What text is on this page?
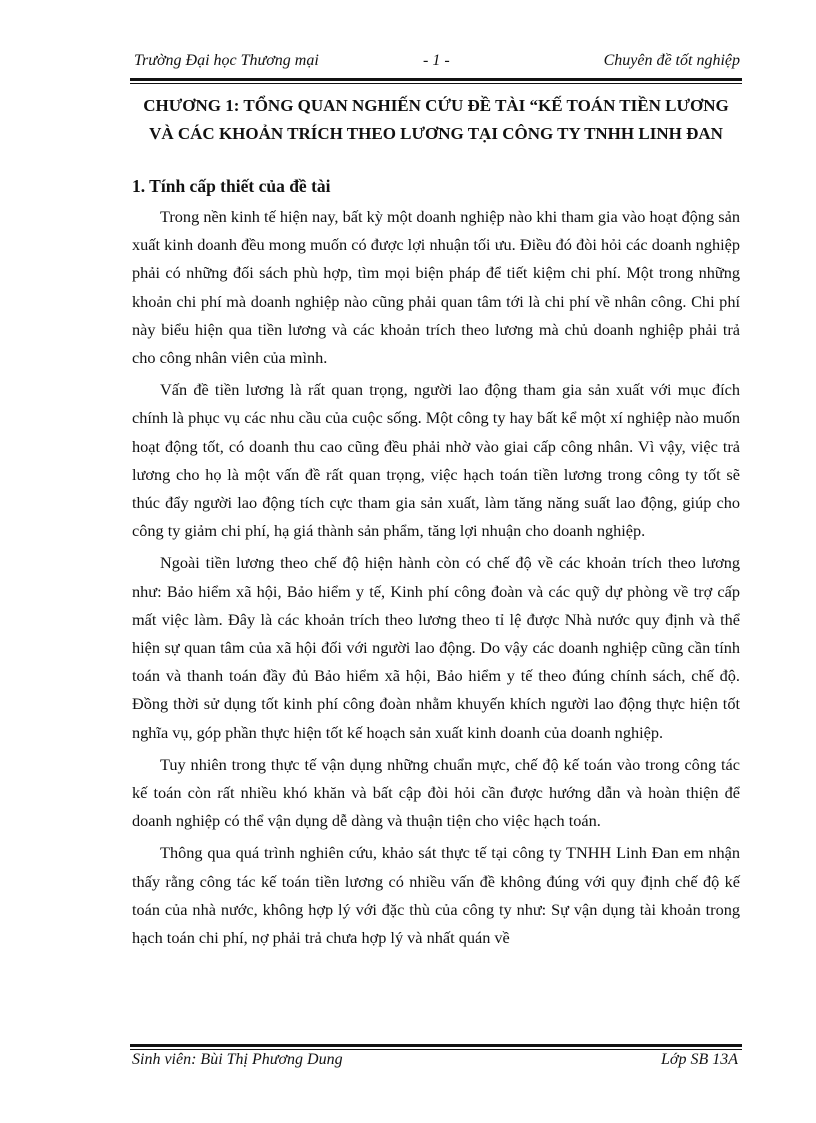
Trường Đại học Thương mại	- 1 -	Chuyên đề tốt nghiệp
CHƯƠNG 1: TỔNG QUAN NGHIẾN CỨU ĐỀ TÀI “KẾ TOÁN TIỀN LƯƠNG VÀ CÁC KHOẢN TRÍCH THEO LƯƠNG TẠI CÔNG TY TNHH LINH ĐAN
1. Tính cấp thiết của đề tài

Trong nền kinh tế hiện nay, bất kỳ một doanh nghiệp nào khi tham gia vào hoạt động sản xuất kinh doanh đều mong muốn có được lợi nhuận tối ưu. Điều đó đòi hỏi các doanh nghiệp phải có những đối sách phù hợp, tìm mọi biện pháp để tiết kiệm chi phí. Một trong những khoản chi phí mà doanh nghiệp nào cũng phải quan tâm tới là chi phí về nhân công. Chi phí này biểu hiện qua tiền lương và các khoản trích theo lương mà chủ doanh nghiệp phải trả cho công nhân viên của mình.

Vấn đề tiền lương là rất quan trọng, người lao động tham gia sản xuất với mục đích chính là phục vụ các nhu cầu của cuộc sống. Một công ty hay bất kể một xí nghiệp nào muốn hoạt động tốt, có doanh thu cao cũng đều phải nhờ vào giai cấp công nhân. Vì vậy, việc trả lương cho họ là một vấn đề rất quan trọng, việc hạch toán tiền lương trong công ty tốt sẽ thúc đẩy người lao động tích cực tham gia sản xuất, làm tăng năng suất lao động, giúp cho công ty giảm chi phí, hạ giá thành sản phẩm, tăng lợi nhuận cho doanh nghiệp.

Ngoài tiền lương theo chế độ hiện hành còn có chế độ về các khoản trích theo lương như: Bảo hiểm xã hội, Bảo hiểm y tế, Kinh phí công đoàn và các quỹ dự phòng về trợ cấp mất việc làm. Đây là các khoản trích theo lương theo tỉ lệ được Nhà nước quy định và thể hiện sự quan tâm của xã hội đối với người lao động. Do vậy các doanh nghiệp cũng cần tính toán và thanh toán đầy đủ Bảo hiểm xã hội, Bảo hiểm y tế theo đúng chính sách, chế độ. Đồng thời sử dụng tốt kinh phí công đoàn nhằm khuyến khích người lao động thực hiện tốt nghĩa vụ, góp phần thực hiện tốt kế hoạch sản xuất kinh doanh của doanh nghiệp.

Tuy nhiên trong thực tế vận dụng những chuẩn mực, chế độ kế toán vào trong công tác kế toán còn rất nhiều khó khăn và bất cập đòi hỏi cần được hướng dẫn và hoàn thiện để doanh nghiệp có thể vận dụng dễ dàng và thuận tiện cho việc hạch toán.

Thông qua quá trình nghiên cứu, khảo sát thực tế tại công ty TNHH Linh Đan em nhận thấy rằng công tác kế toán tiền lương có nhiều vấn đề không đúng với quy định chế độ kế toán của nhà nước, không hợp lý với đặc thù của công ty như: Sự vận dụng tài khoản trong hạch toán chi phí, nợ phải trả chưa hợp lý và nhất quán về

Sinh viên: Bùi Thị Phương Dung	Lớp SB 13A
